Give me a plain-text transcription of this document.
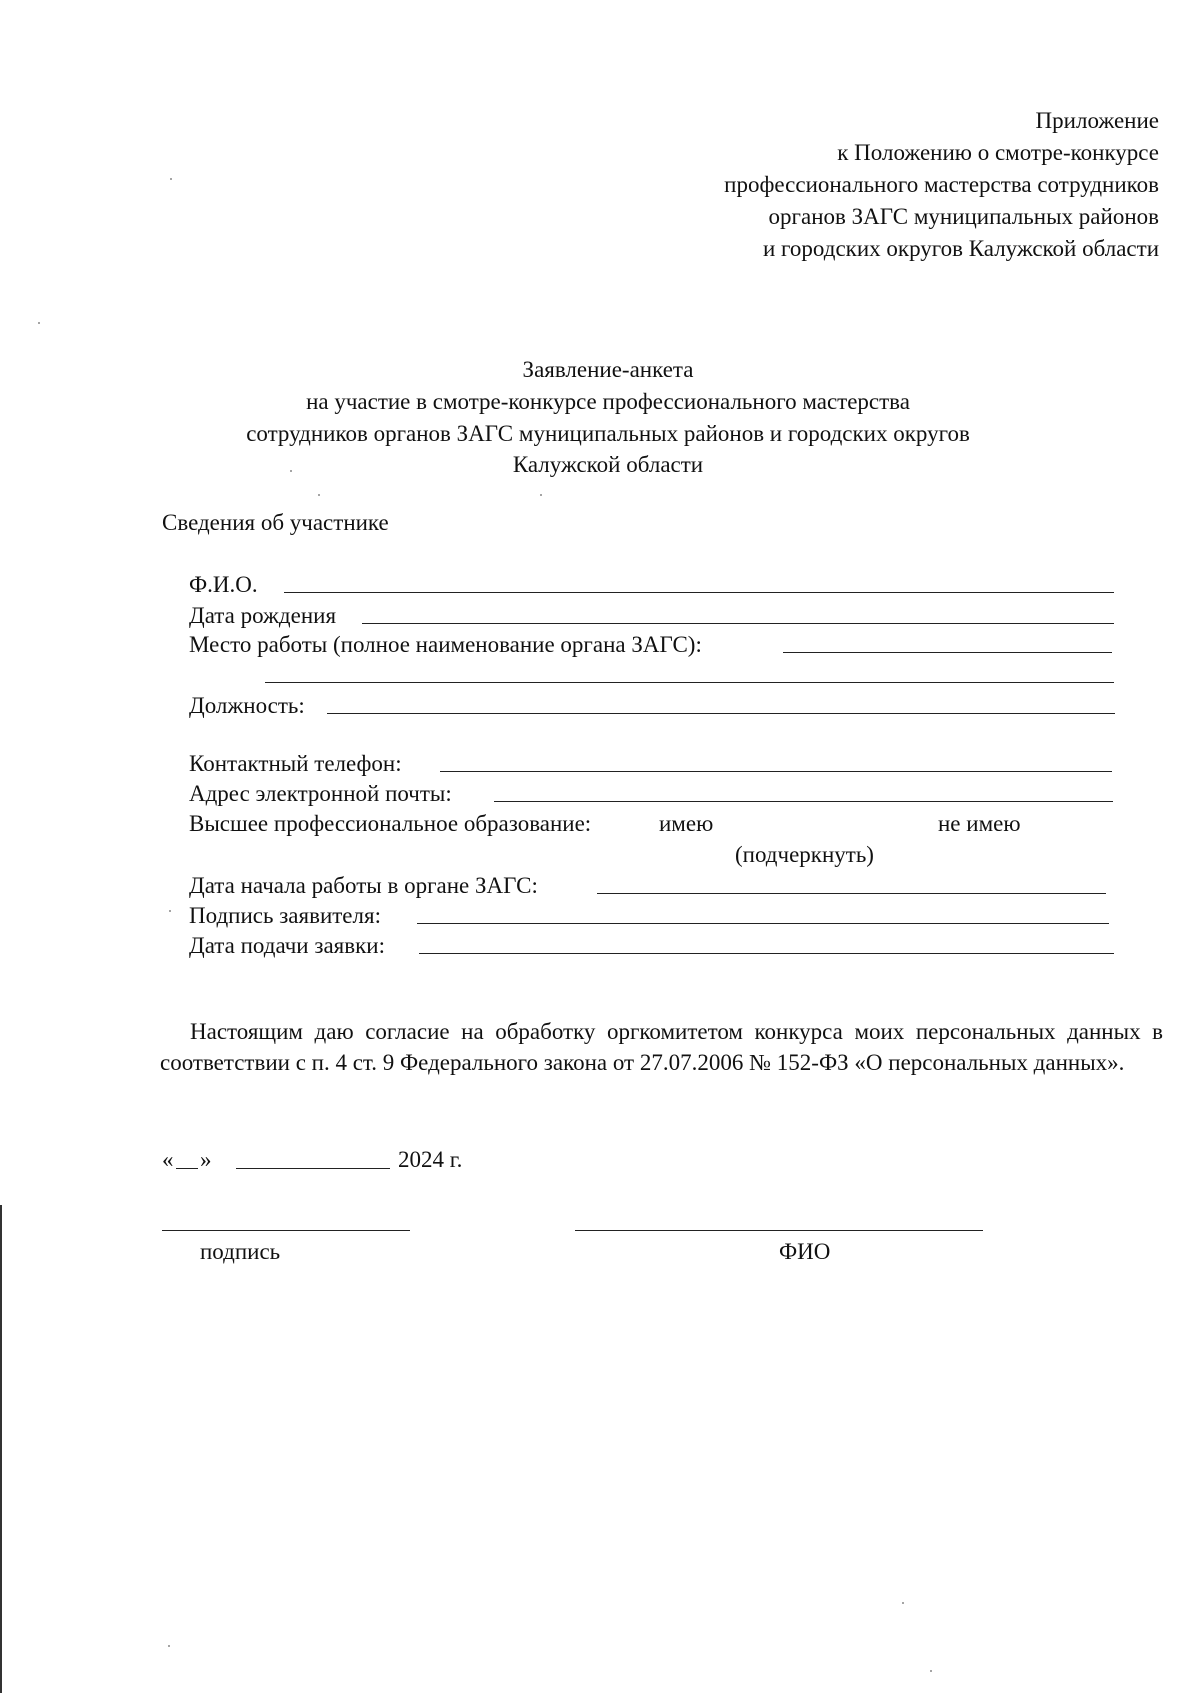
Приложение
к Положению о смотре-конкурсе
профессионального мастерства сотрудников
органов ЗАГС муниципальных районов
и городских округов Калужской области
Заявление-анкета
на участие в смотре-конкурсе профессионального мастерства
сотрудников органов ЗАГС муниципальных районов и городских округов
Калужской области
Сведения об участнике
Ф.И.О.
Дата рождения
Место работы (полное наименование органа ЗАГС):
Должность:
Контактный телефон:
Адрес электронной почты:
Высшее профессиональное образование:	имею	не имею
(подчеркнуть)
Дата начала работы в органе ЗАГС:
Подпись заявителя:
Дата подачи заявки:
Настоящим даю согласие на обработку оргкомитетом конкурса моих персональных данных в соответствии с п. 4 ст. 9 Федерального закона от 27.07.2006 № 152-ФЗ «О персональных данных».
« »	2024 г.
подпись	ФИО
